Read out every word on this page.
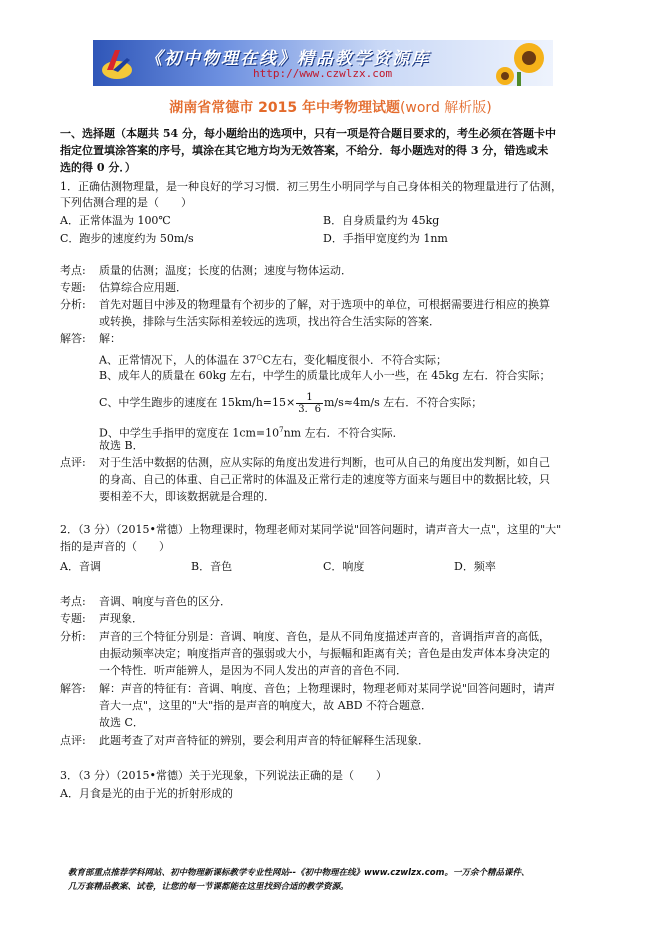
《初中物理在线》精品教学资源库
http://www.czwlzx.com
湖南省常德市 2015 年中考物理试题(word 解析版)
一、选择题（本题共 54 分，每小题给出的选项中，只有一项是符合题目要求的，考生必须在答题卡中
指定位置填涂答案的序号，填涂在其它地方均为无效答案，不给分．每小题选对的得 3 分，错选或未
选的得 0 分．）
1．正确估测物理量，是一种良好的学习习惯．初三男生小明同学与自己身体相关的物理量进行了估测，
下列估测合理的是（　　）
A．正常体温为 100℃	B．自身质量约为 45kg
C．跑步的速度约为 50m/s	D．手指甲宽度约为 1nm
考点: 质量的估测；温度；长度的估测；速度与物体运动．
专题: 估算综合应用题．
分析: 首先对题目中涉及的物理量有个初步的了解，对于选项中的单位，可根据需要进行相应的换算
或转换，排除与生活实际相差较远的选项，找出符合生活实际的答案．
解答: 解：
A、正常情况下，人的体温在 37○C左右，变化幅度很小．不符合实际；
B、成年人的质量在 60kg 左右，中学生的质量比成年人小一些，在 45kg 左右．符合实际；
C、中学生跑步的速度在 $15km/h=15\times \frac{1}{3.6} m/s\approx 4m/s$ 左右．不符合实际；
D、中学生手指甲的宽度在 $1cm=10^7nm$ 左右．不符合实际．
故选 B．
点评: 对于生活中数据的估测，应从实际的角度出发进行判断，也可从自己的角度出发判断，如自己
的身高、自己的体重、自己正常时的体温及正常行走的速度等方面来与题目中的数据比较，只
要相差不大，即该数据就是合理的．
2．（3 分）（2015•常德）上物理课时，物理老师对某同学说"回答问题时，请声音大一点"，这里的"大"
指的是声音的（　　）
A．音调	B．音色	C．响度	D．频率
考点: 音调、响度与音色的区分．
专题: 声现象．
分析: 声音的三个特征分别是：音调、响度、音色，是从不同角度描述声音的，音调指声音的高低，
由振动频率决定；响度指声音的强弱或大小，与振幅和距离有关；音色是由发声体本身决定的
一个特性．听声能辨人，是因为不同人发出的声音的音色不同．
解答: 解：声音的特征有：音调、响度、音色；上物理课时，物理老师对某同学说"回答问题时，请声
音大一点"，这里的"大"指的是声音的响度大，故 ABD 不符合题意．
故选 C．
点评: 此题考查了对声音特征的辨别，要会利用声音的特征解释生活现象．
3．（3 分）（2015•常德）关于光现象，下列说法正确的是（　　）
A．月食是光的由于光的折射形成的
教育部重点推荐学科网站、初中物理新课标教学专业性网站--《初中物理在线》www.czwlzx.com。一万余个精品课件、
几万套精品教案、试卷，让您的每一节课都能在这里找到合适的教学资源。
